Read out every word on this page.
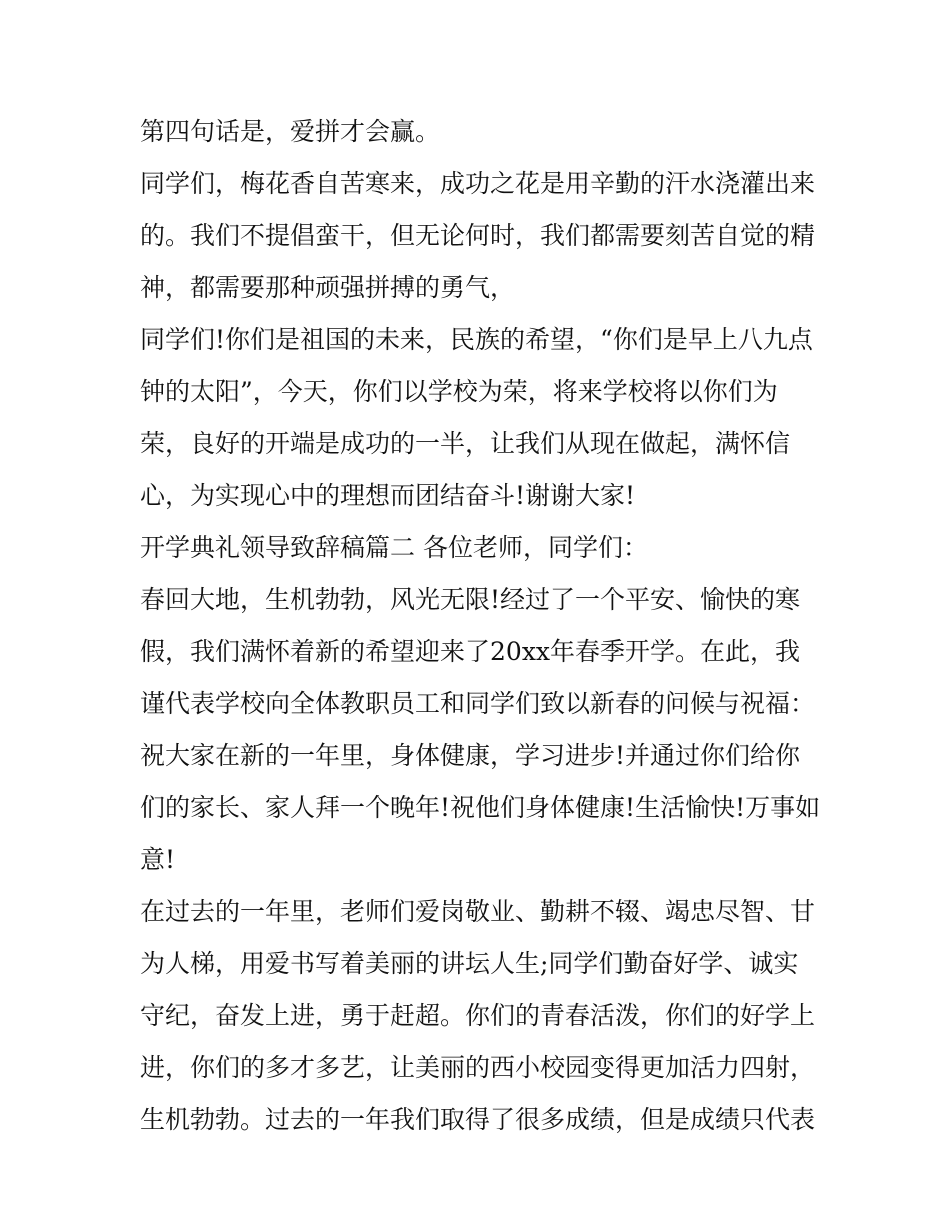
第四句话是，爱拼才会赢。
同学们，梅花香自苦寒来，成功之花是用辛勤的汗水浇灌出来
的。我们不提倡蛮干，但无论何时，我们都需要刻苦自觉的精
神，都需要那种顽强拼搏的勇气，
同学们!你们是祖国的未来，民族的希望，“你们是早上八九点
钟的太阳”，今天，你们以学校为荣，将来学校将以你们为
荣，良好的开端是成功的一半，让我们从现在做起，满怀信
心，为实现心中的理想而团结奋斗!谢谢大家!
开学典礼领导致辞稿篇二 各位老师，同学们：
春回大地，生机勃勃，风光无限!经过了一个平安、愉快的寒
假，我们满怀着新的希望迎来了20xx年春季开学。在此，我
谨代表学校向全体教职员工和同学们致以新春的问候与祝福：
祝大家在新的一年里，身体健康，学习进步!并通过你们给你
们的家长、家人拜一个晚年!祝他们身体健康!生活愉快!万事如
意!
在过去的一年里，老师们爱岗敬业、勤耕不辍、竭忠尽智、甘
为人梯，用爱书写着美丽的讲坛人生;同学们勤奋好学、诚实
守纪，奋发上进，勇于赶超。你们的青春活泼，你们的好学上
进，你们的多才多艺，让美丽的西小校园变得更加活力四射，
生机勃勃。过去的一年我们取得了很多成绩，但是成绩只代表
